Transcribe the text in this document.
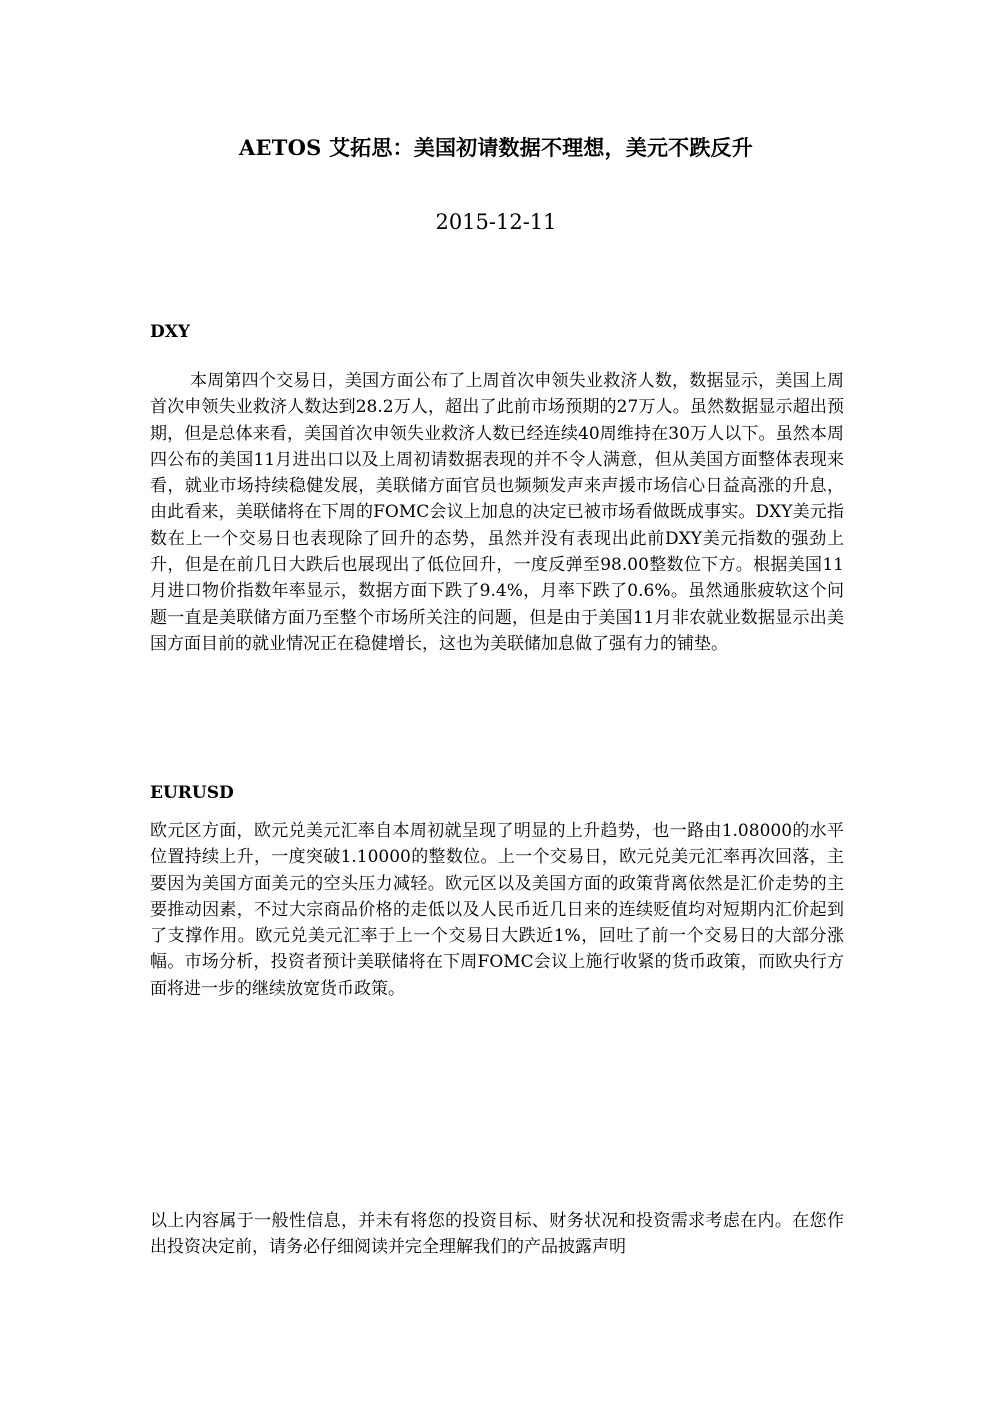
AETOS 艾拓思：美国初请数据不理想，美元不跌反升
2015-12-11
DXY

本周第四个交易日，美国方面公布了上周首次申领失业救济人数，数据显示，美国上周首次申领失业救济人数达到28.2万人，超出了此前市场预期的27万人。虽然数据显示超出预期，但是总体来看，美国首次申领失业救济人数已经连续40周维持在30万人以下。虽然本周四公布的美国11月进出口以及上周初请数据表现的并不令人满意，但从美国方面整体表现来看，就业市场持续稳健发展，美联储方面官员也频频发声来声援市场信心日益高涨的升息，由此看来，美联储将在下周的FOMC会议上加息的决定已被市场看做既成事实。DXY美元指数在上一个交易日也表现除了回升的态势，虽然并没有表现出此前DXY美元指数的强劲上升，但是在前几日大跌后也展现出了低位回升，一度反弹至98.00整数位下方。根据美国11月进口物价指数年率显示，数据方面下跌了9.4%，月率下跌了0.6%。虽然通胀疲软这个问题一直是美联储方面乃至整个市场所关注的问题，但是由于美国11月非农就业数据显示出美国方面目前的就业情况正在稳健增长，这也为美联储加息做了强有力的铺垫。

EURUSD

欧元区方面，欧元兑美元汇率自本周初就呈现了明显的上升趋势，也一路由1.08000的水平位置持续上升，一度突破1.10000的整数位。上一个交易日，欧元兑美元汇率再次回落，主要因为美国方面美元的空头压力减轻。欧元区以及美国方面的政策背离依然是汇价走势的主要推动因素，不过大宗商品价格的走低以及人民币近几日来的连续贬值均对短期内汇价起到了支撑作用。欧元兑美元汇率于上一个交易日大跌近1%，回吐了前一个交易日的大部分涨幅。市场分析，投资者预计美联储将在下周FOMC会议上施行收紧的货币政策，而欧央行方面将进一步的继续放宽货币政策。

以上内容属于一般性信息，并未有将您的投资目标、财务状况和投资需求考虑在内。在您作出投资决定前，请务必仔细阅读并完全理解我们的产品披露声明
